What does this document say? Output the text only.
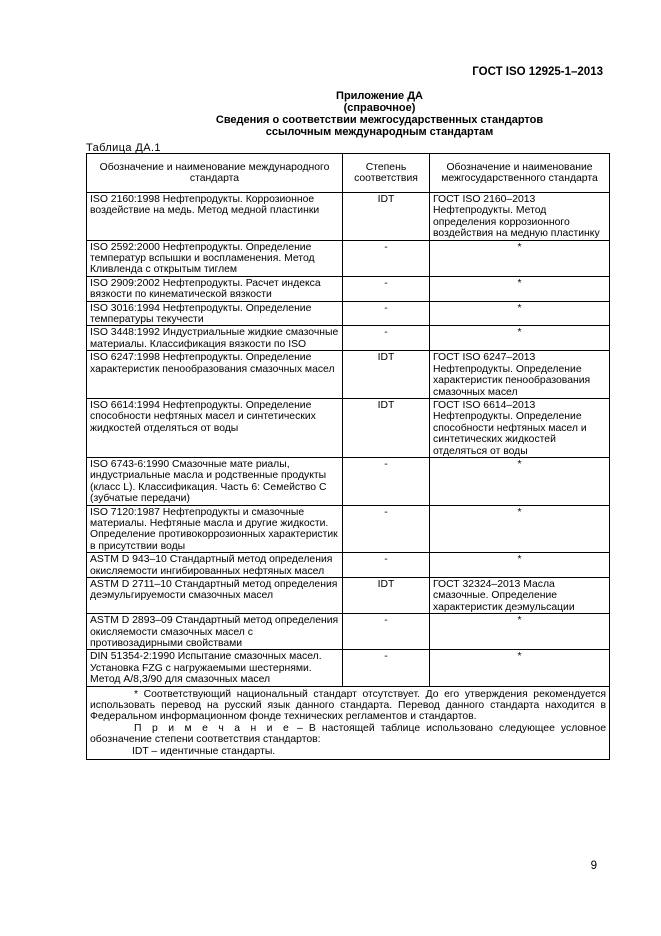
ГОСТ ISO 12925-1–2013
Приложение ДА
(справочное)
Сведения о соответствии межгосударственных стандартов
ссылочным международным стандартам
Таблица ДА.1
Обозначение и наименование международного стандарта	Степень соответствия	Обозначение и наименование межгосударственного стандарта
ISO 2160:1998 Нефтепродукты. Коррозионное воздействие на медь. Метод медной пластинки	IDT	ГОСТ ISO 2160–2013 Нефтепродукты. Метод определения коррозионного воздействия на медную пластинку
ISO 2592:2000 Нефтепродукты. Определение температур вспышки и воспламенения. Метод Кливленда с открытым тиглем	-	*
ISO 2909:2002 Нефтепродукты. Расчет индекса вязкости по кинематической вязкости	-	*
ISO 3016:1994 Нефтепродукты. Определение температуры текучести	-	*
ISO 3448:1992 Индустриальные жидкие смазочные материалы. Классификация вязкости по ISO	-	*
ISO 6247:1998 Нефтепродукты. Определение характеристик пенообразования смазочных масел	IDT	ГОСТ ISO 6247–2013 Нефтепродукты. Определение характеристик пенообразования смазочных масел
ISO 6614:1994 Нефтепродукты. Определение способности нефтяных масел и синтетических жидкостей отделяться от воды	IDT	ГОСТ ISO 6614–2013 Нефтепродукты. Определение способности нефтяных масел и синтетических жидкостей отделяться от воды
ISO 6743-6:1990 Смазочные мате риалы, индустриальные масла и родственные продукты (класс L). Классификация. Часть 6: Семейство С (зубчатые передачи)	-	*
ISO 7120:1987 Нефтепродукты и смазочные материалы. Нефтяные масла и другие жидкости. Определение противокоррозионных характеристик в присутствии воды	-	*
ASTM D 943–10 Стандартный метод определения окисляемости ингибированных нефтяных масел	-	*
ASTM D 2711–10 Стандартный метод определения деэмульгируемости смазочных масел	IDT	ГОСТ 32324–2013 Масла смазочные. Определение характеристик деэмульсации
ASTM D 2893–09 Стандартный метод определения окисляемости смазочных масел с противозадирными свойствами	-	*
DIN 51354-2:1990 Испытание смазочных масел. Установка FZG с нагружаемыми шестернями. Метод A/8,3/90 для смазочных масел	-	*

* Соответствующий национальный стандарт отсутствует. До его утверждения рекомендуется использовать перевод на русский язык данного стандарта. Перевод данного стандарта находится в Федеральном информационном фонде технических регламентов и стандартов.

П р и м е ч а н и е – В настоящей таблице использовано следующее условное обозначение степени соответствия стандартов:

IDT – идентичные стандарты.		

9
